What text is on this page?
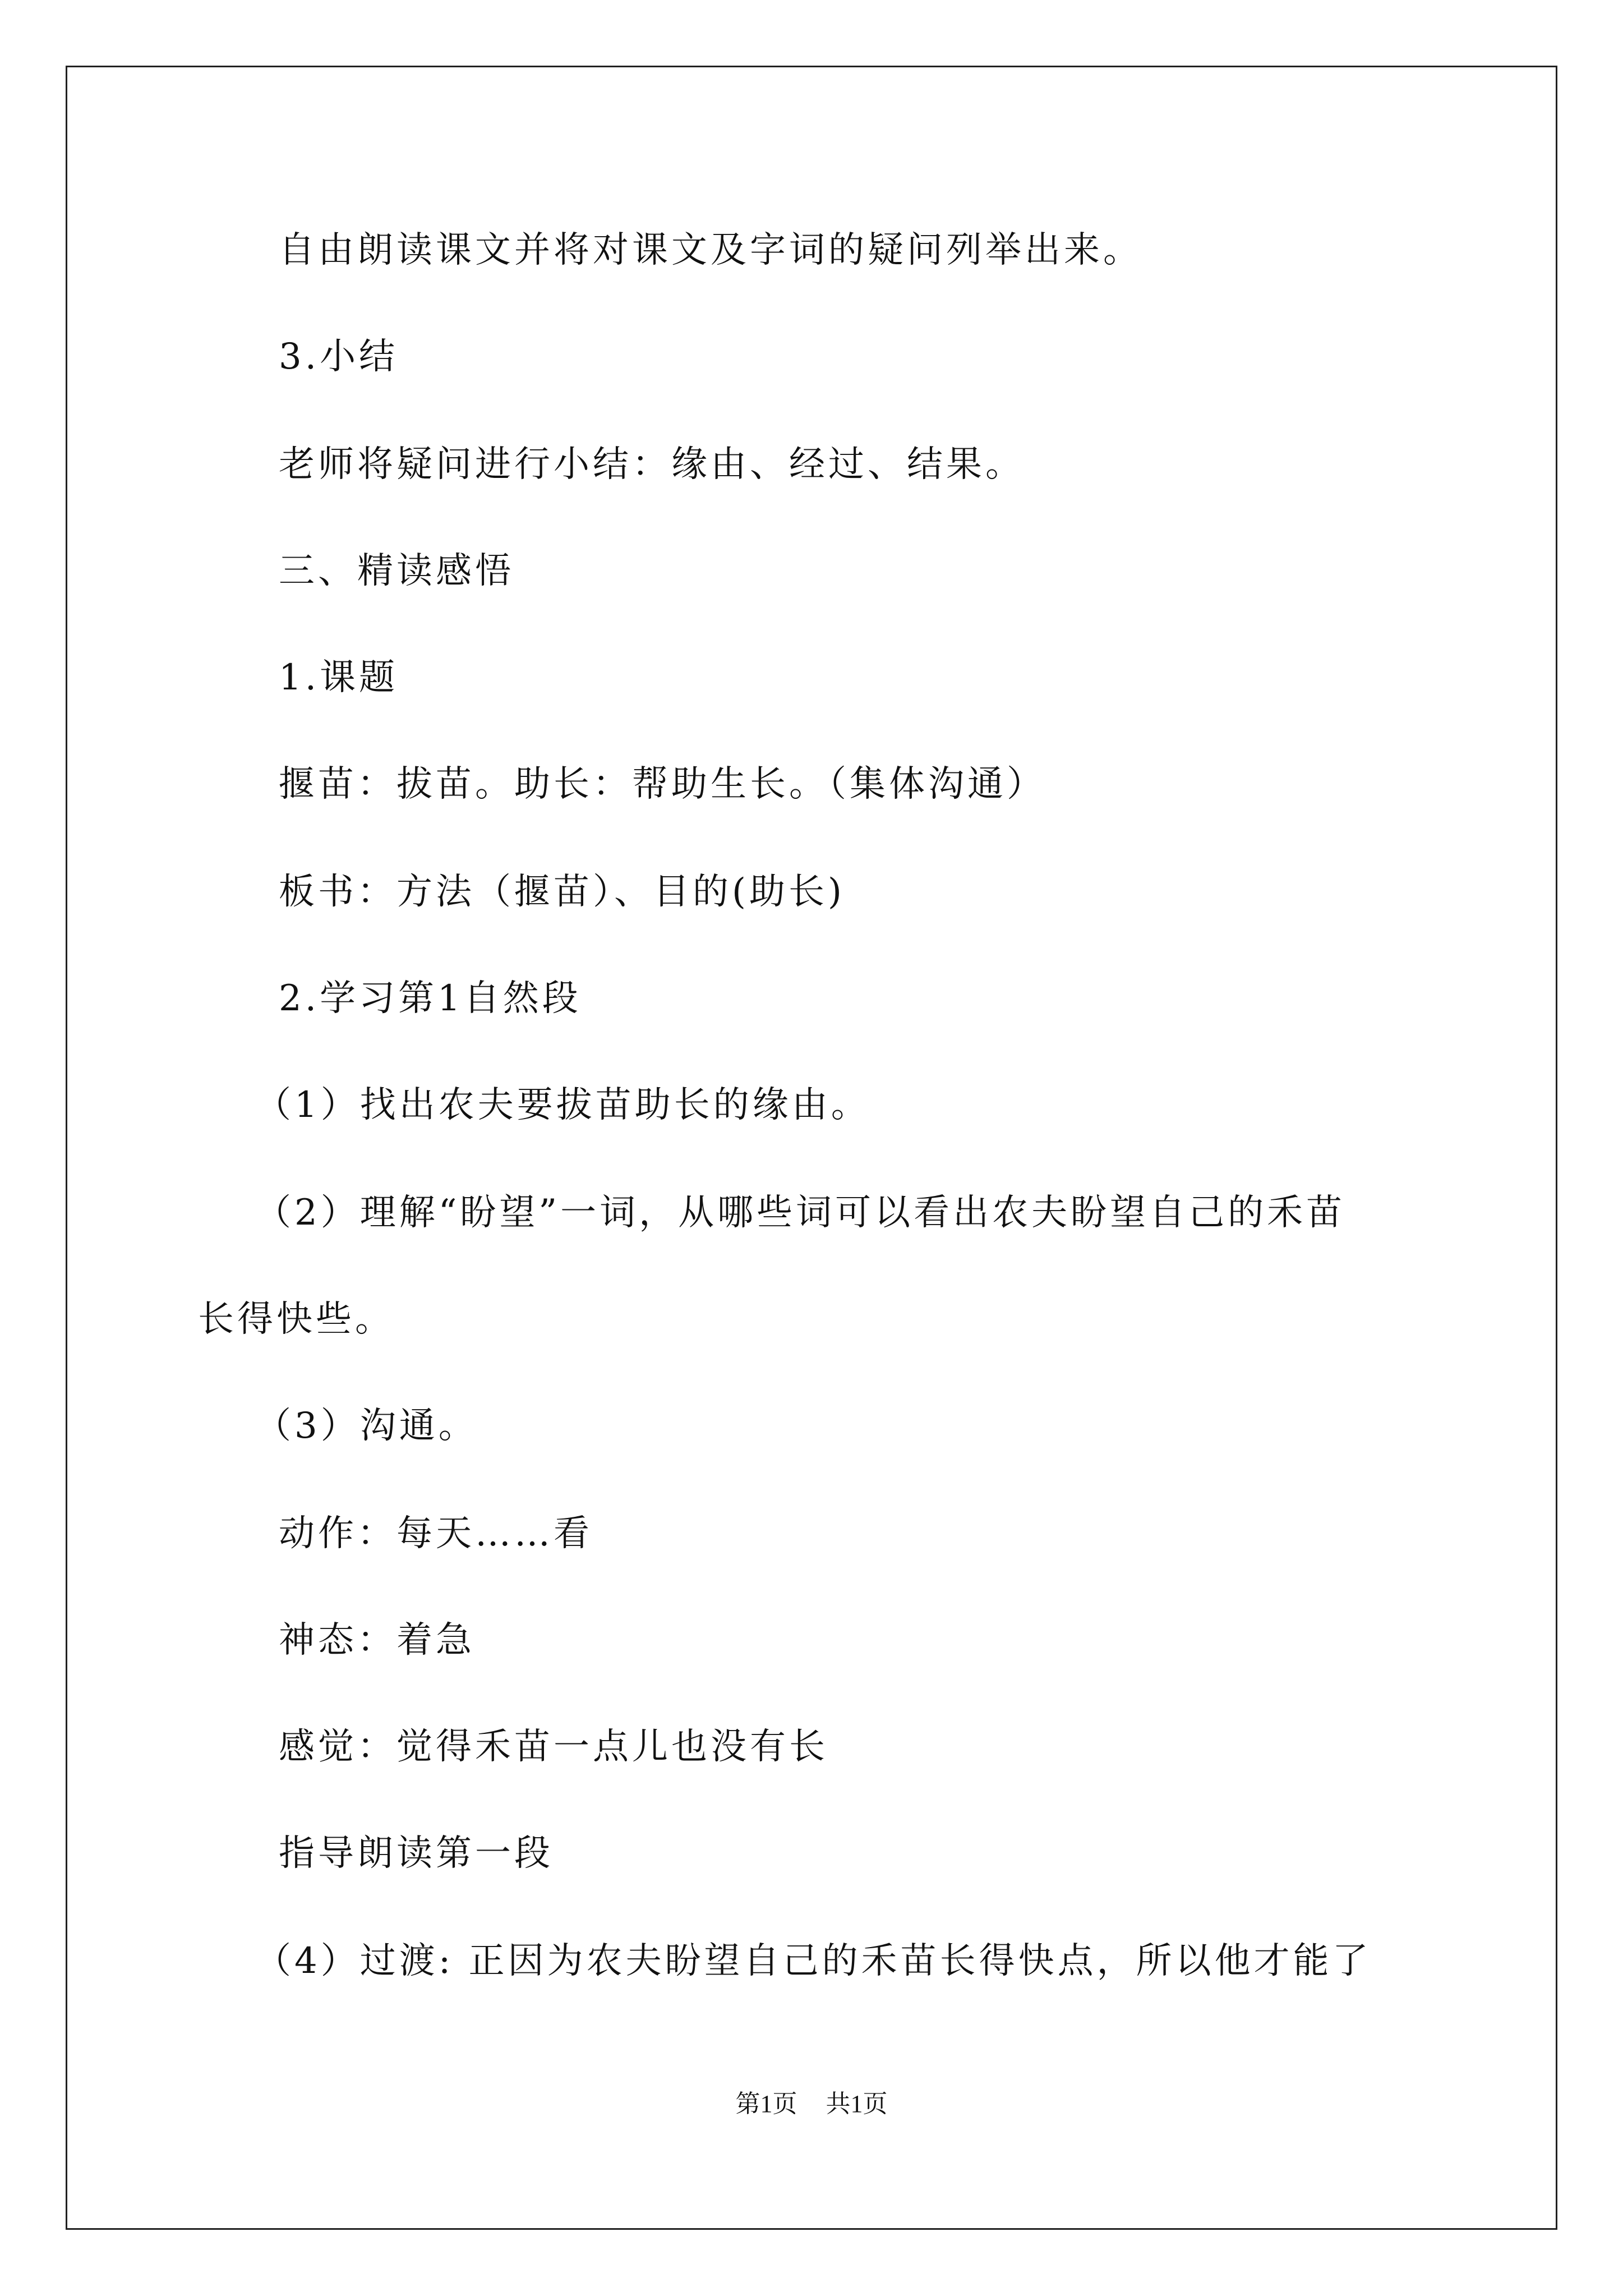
自由朗读课文并将对课文及字词的疑问列举出来。
3.小结
老师将疑问进行小结：缘由、经过、结果。
三、精读感悟
1.课题
揠苗：拔苗。助长：帮助生长。（集体沟通）
板书：方法（揠苗）、目的(助长)
2.学习第1自然段
（1）找出农夫要拔苗助长的缘由。
（2）理解“盼望”一词，从哪些词可以看出农夫盼望自己的禾苗
长得快些。
（3）沟通。
动作：每天……看
神态：着急
感觉：觉得禾苗一点儿也没有长
指导朗读第一段
（4）过渡: 正因为农夫盼望自己的禾苗长得快点，所以他才能了
第1页 共1页
